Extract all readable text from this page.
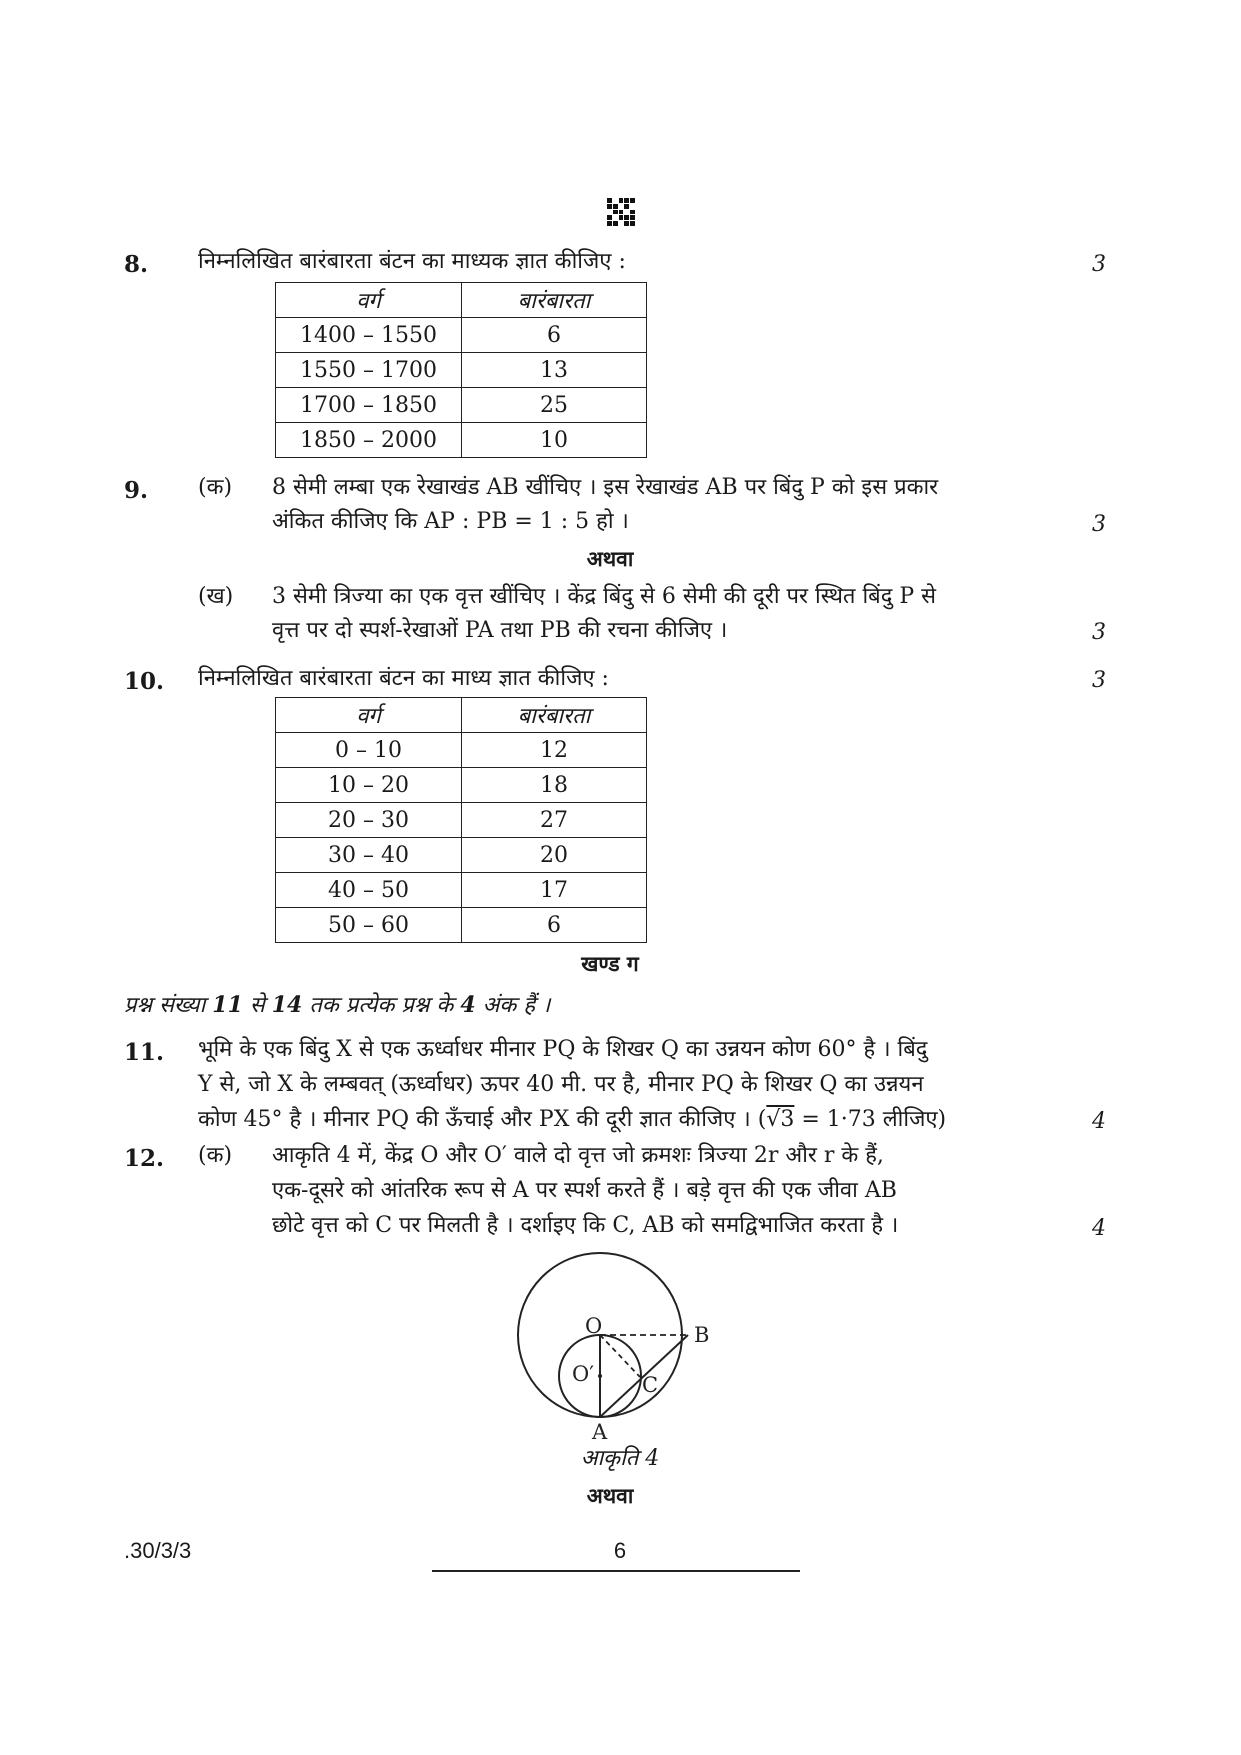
8. निम्नलिखित बारंबारता बंटन का माध्यक ज्ञात कीजिए :	3
वर्ग	बारंबारता
1400 – 1550	6
1550 – 1700	13
1700 – 1850	25
1850 – 2000	10
9. (क) 8 सेमी लम्बा एक रेखाखंड AB खींचिए । इस रेखाखंड AB पर बिंदु P को इस प्रकार
अंकित कीजिए कि AP : PB = 1 : 5 हो ।	3
अथवा
(ख) 3 सेमी त्रिज्या का एक वृत्त खींचिए । केंद्र बिंदु से 6 सेमी की दूरी पर स्थित बिंदु P से
वृत्त पर दो स्पर्श-रेखाओं PA तथा PB की रचना कीजिए ।	3
10. निम्नलिखित बारंबारता बंटन का माध्य ज्ञात कीजिए :	3
वर्ग	बारंबारता
0 – 10	12
10 – 20	18
20 – 30	27
30 – 40	20
40 – 50	17
50 – 60	6
खण्ड ग
प्रश्न संख्या 11 से 14 तक प्रत्येक प्रश्न के 4 अंक हैं ।
11. भूमि के एक बिंदु X से एक ऊर्ध्वाधर मीनार PQ के शिखर Q का उन्नयन कोण 60° है । बिंदु
Y से, जो X के लम्बवत् (ऊर्ध्वाधर) ऊपर 40 मी. पर है, मीनार PQ के शिखर Q का उन्नयन
कोण 45° है । मीनार PQ की ऊँचाई और PX की दूरी ज्ञात कीजिए । (√3 = 1·73 लीजिए)	4
12. (क) आकृति 4 में, केंद्र O और O′ वाले दो वृत्त जो क्रमशः त्रिज्या 2r और r के हैं,
एक-दूसरे को आंतरिक रूप से A पर स्पर्श करते हैं । बड़े वृत्त की एक जीवा AB
छोटे वृत्त को C पर मिलती है । दर्शाइए कि C, AB को समद्विभाजित करता है ।	4
O
O′
B
C
A
आकृति 4
अथवा
.30/3/3	6
